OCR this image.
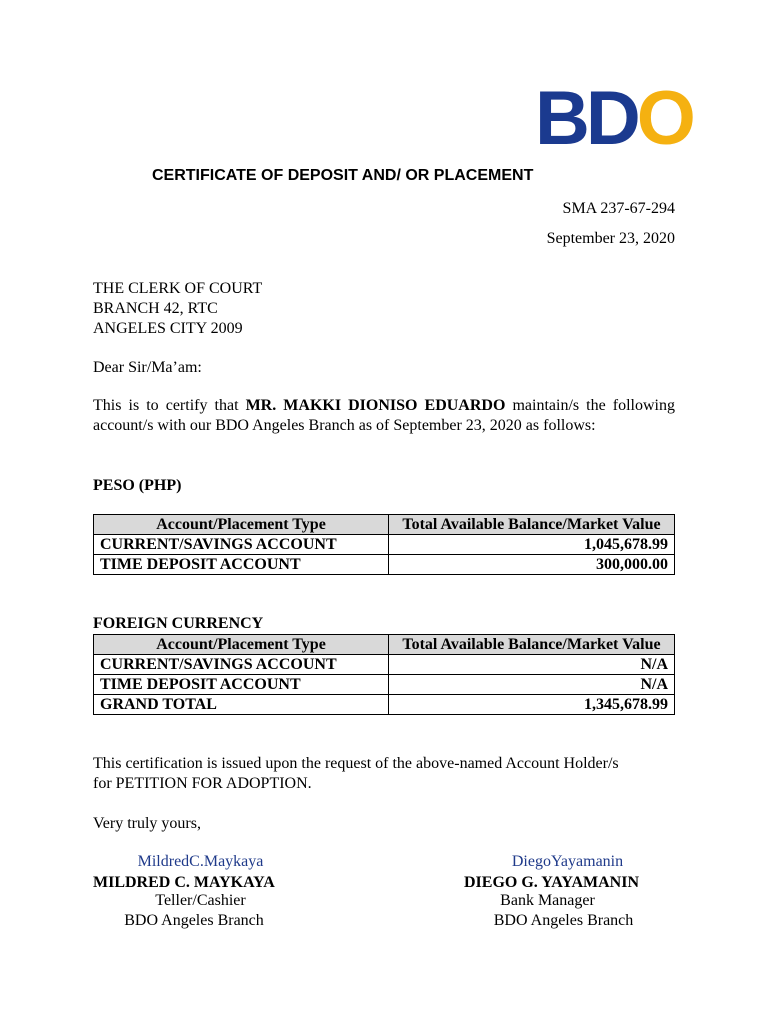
BDO
CERTIFICATE OF DEPOSIT AND/ OR PLACEMENT
SMA 237-67-294
September 23, 2020
THE CLERK OF COURT
BRANCH 42, RTC
ANGELES CITY 2009
Dear Sir/Ma’am:
This is to certify that MR. MAKKI DIONISO EDUARDO maintain/s the following account/s with our BDO Angeles Branch as of September 23, 2020 as follows:
PESO (PHP)
Account/Placement Type	Total Available Balance/Market Value
CURRENT/SAVINGS ACCOUNT	1,045,678.99
TIME DEPOSIT ACCOUNT	300,000.00
FOREIGN CURRENCY
Account/Placement Type	Total Available Balance/Market Value
CURRENT/SAVINGS ACCOUNT	N/A
TIME DEPOSIT ACCOUNT	N/A
GRAND TOTAL	1,345,678.99
This certification is issued upon the request of the above-named Account Holder/s for PETITION FOR ADOPTION.
Very truly yours,
MildredC.Maykaya
MILDRED C. MAYKAYA
Teller/Cashier
BDO Angeles Branch
DiegoYayamanin
DIEGO G. YAYAMANIN
Bank Manager
BDO Angeles Branch
